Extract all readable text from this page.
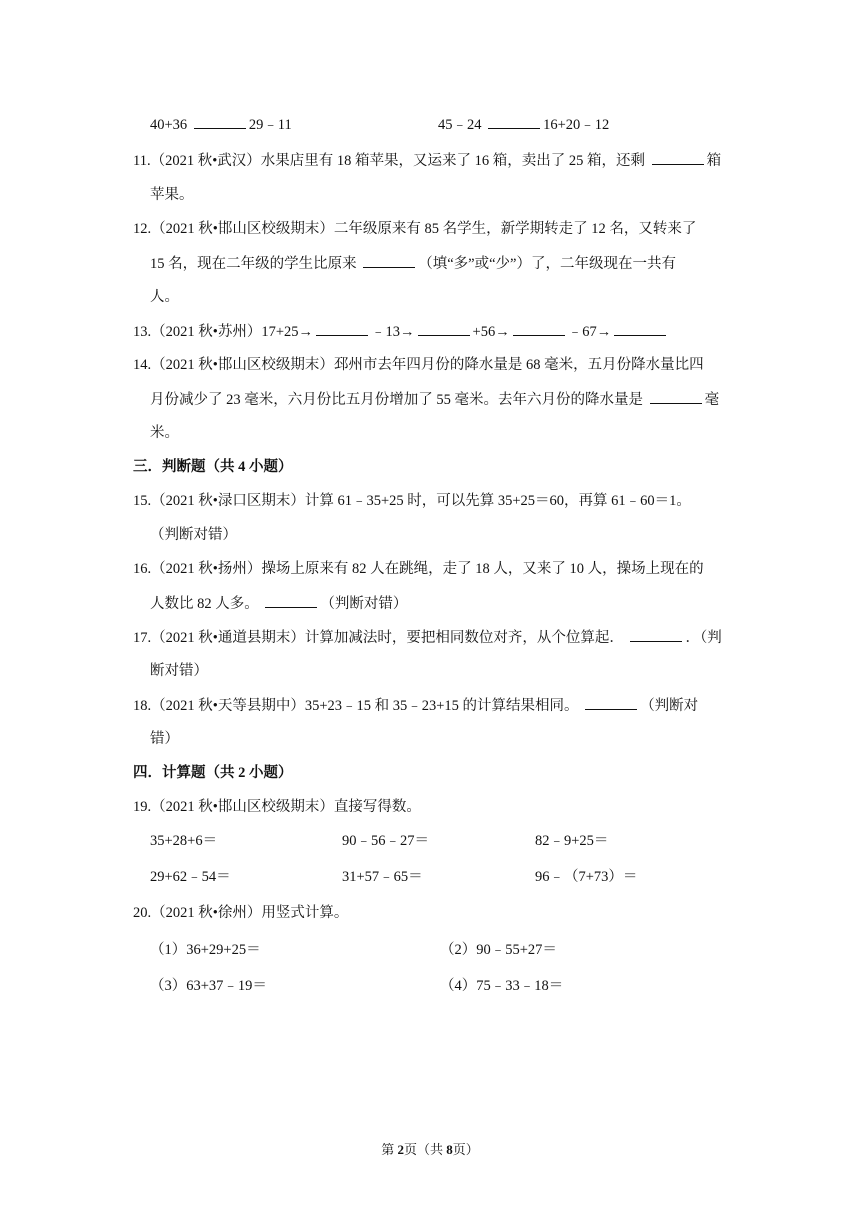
40+36	29﹣11	45﹣24	16+20﹣12
11.（2021 秋•武汉）水果店里有 18 箱苹果，又运来了 16 箱，卖出了 25 箱，还剩	箱
苹果。
12.（2021 秋•邯山区校级期末）二年级原来有 85 名学生，新学期转走了 12 名，又转来了
15 名，现在二年级的学生比原来	（填“多”或“少”）了，二年级现在一共有
人。
13.（2021 秋•苏州）17+25→	﹣13→	+56→	﹣67→
14.（2021 秋•邯山区校级期末）邳州市去年四月份的降水量是 68 毫米，五月份降水量比四
月份减少了 23 毫米，六月份比五月份增加了 55 毫米。去年六月份的降水量是	毫
米。
三．判断题（共 4 小题）
15.（2021 秋•渌口区期末）计算 61﹣35+25 时，可以先算 35+25＝60，再算 61﹣60＝1。
（判断对错）
16.（2021 秋•扬州）操场上原来有 82 人在跳绳，走了 18 人，又来了 10 人，操场上现在的
人数比 82 人多。	（判断对错）
17.（2021 秋•通道县期末）计算加减法时，要把相同数位对齐，从个位算起．	．（判
断对错）
18.（2021 秋•天等县期中）35+23﹣15 和 35﹣23+15 的计算结果相同。	（判断对
错）
四．计算题（共 2 小题）
19.（2021 秋•邯山区校级期末）直接写得数。
35+28+6＝	90﹣56﹣27＝	82﹣9+25＝
29+62﹣54＝	31+57﹣65＝	96﹣（7+73）＝
20.（2021 秋•徐州）用竖式计算。
（1）36+29+25＝	（2）90﹣55+27＝
（3）63+37﹣19＝	（4）75﹣33﹣18＝
第 2页（共 8页）
